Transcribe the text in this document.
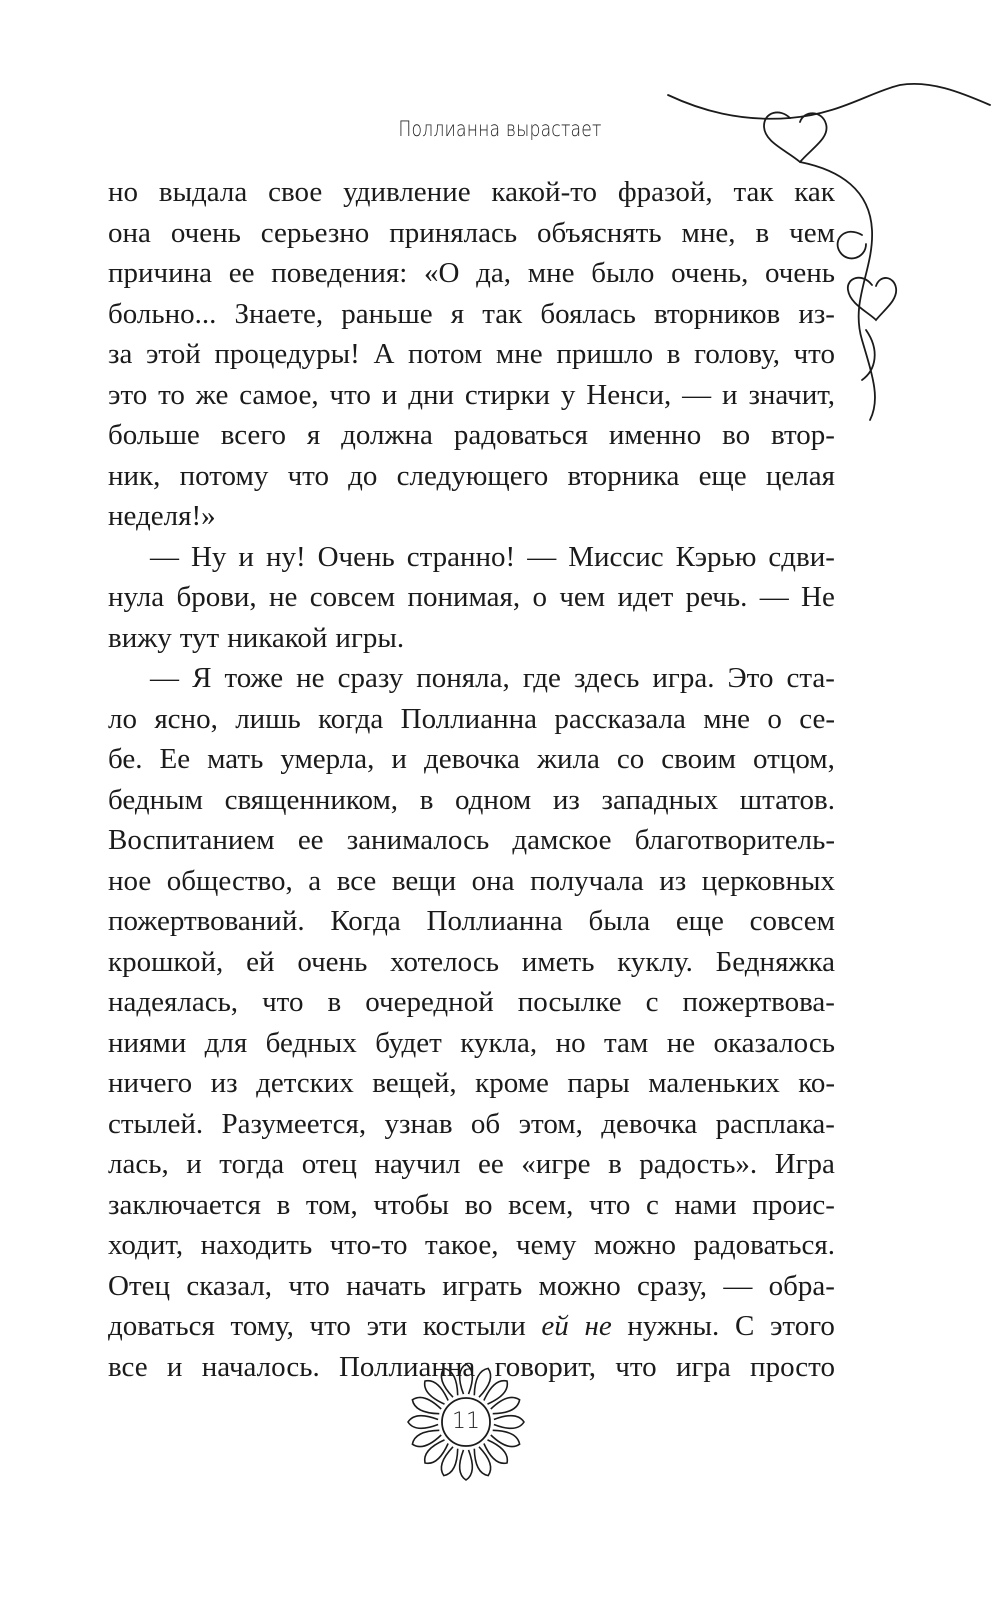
Поллианна вырастает
но выдала свое удивление какой-то фразой, так как
она очень серьезно принялась объяснять мне, в чем
причина ее поведения: «О да, мне было очень, очень
больно... Знаете, раньше я так боялась вторников из-
за этой процедуры! А потом мне пришло в голову, что
это то же самое, что и дни стирки у Ненси, — и значит,
больше всего я должна радоваться именно во втор-
ник, потому что до следующего вторника еще целая
неделя!»
— Ну и ну! Очень странно! — Миссис Кэрью сдви-
нула брови, не совсем понимая, о чем идет речь. — Не
вижу тут никакой игры.
— Я тоже не сразу поняла, где здесь игра. Это ста-
ло ясно, лишь когда Поллианна рассказала мне о се-
бе. Ее мать умерла, и девочка жила со своим отцом,
бедным священником, в одном из западных штатов.
Воспитанием ее занималось дамское благотворитель-
ное общество, а все вещи она получала из церковных
пожертвований. Когда Поллианна была еще совсем
крошкой, ей очень хотелось иметь куклу. Бедняжка
надеялась, что в очередной посылке с пожертвова-
ниями для бедных будет кукла, но там не оказалось
ничего из детских вещей, кроме пары маленьких ко-
стылей. Разумеется, узнав об этом, девочка расплака-
лась, и тогда отец научил ее «игре в радость». Игра
заключается в том, чтобы во всем, что с нами проис-
ходит, находить что-то такое, чему можно радоваться.
Отец сказал, что начать играть можно сразу, — обра-
доваться тому, что эти костыли ей не нужны. С этого
все и началось. Поллианна говорит, что игра просто
11
